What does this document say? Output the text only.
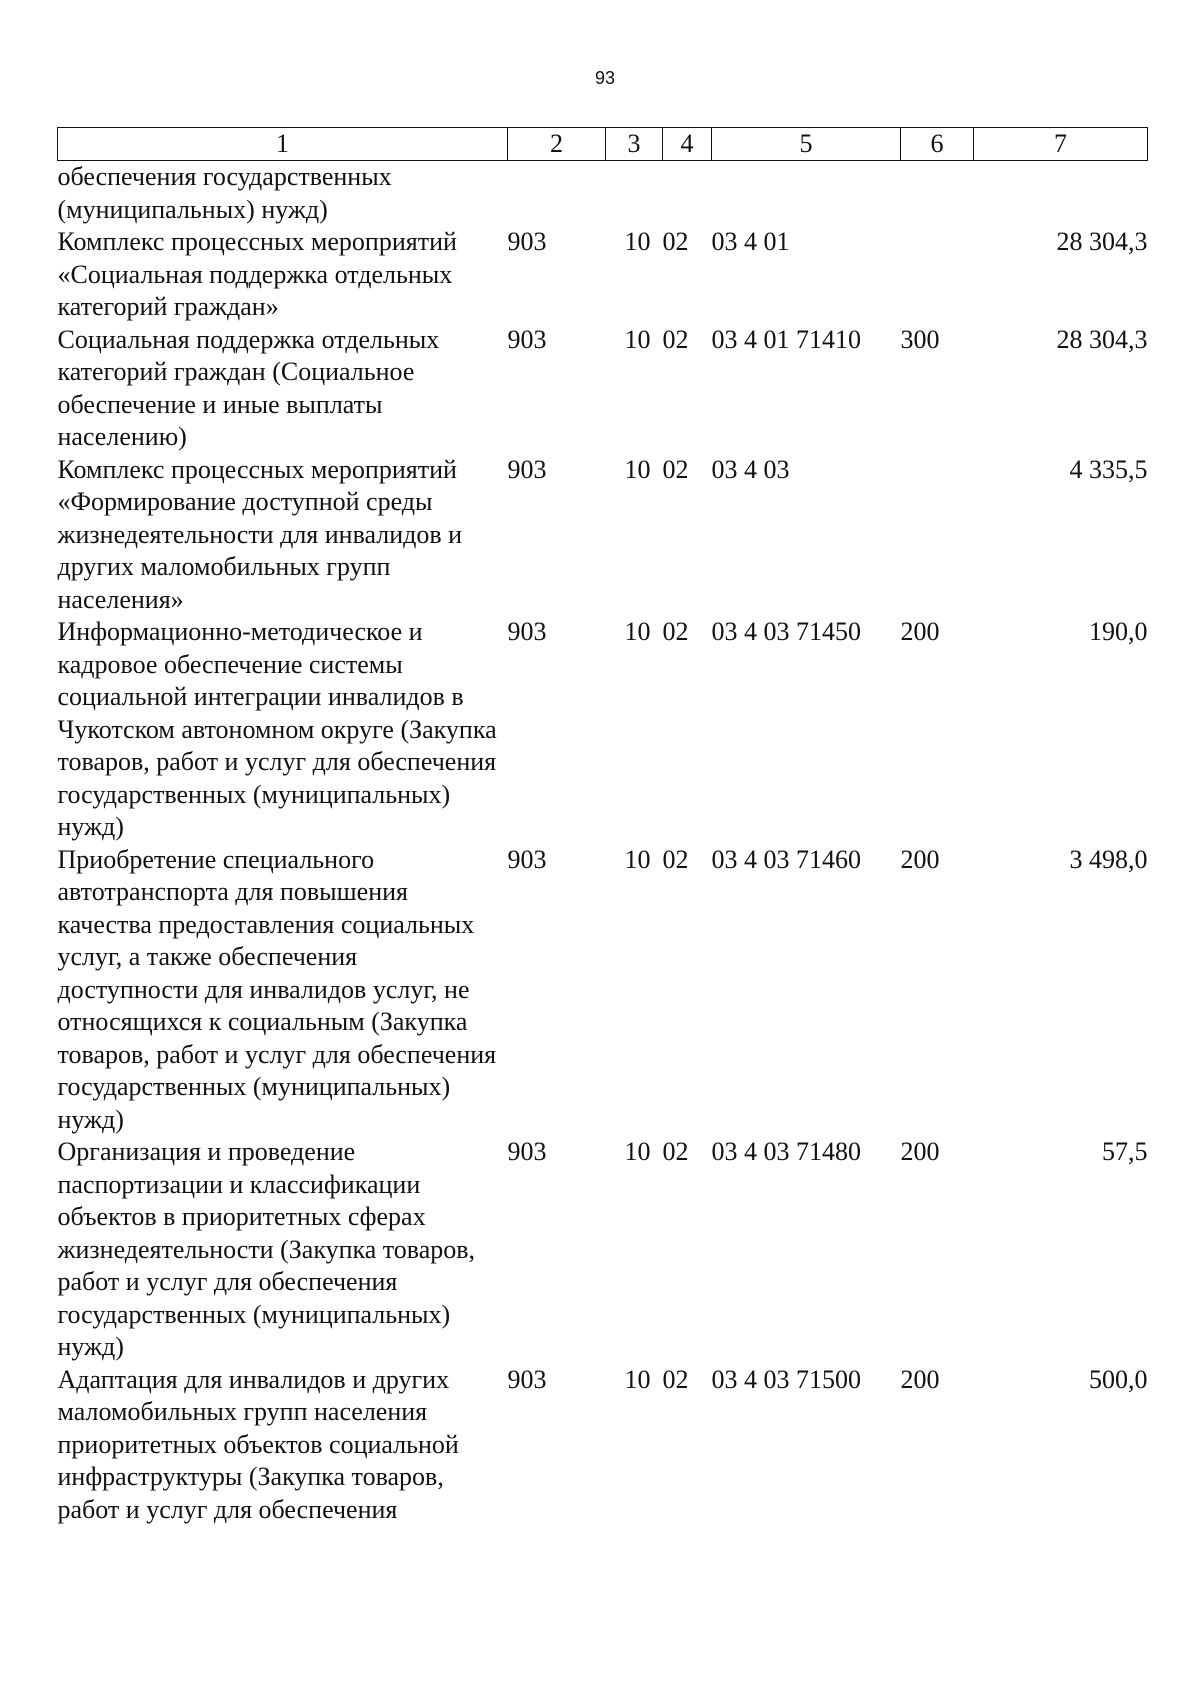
93
1	2	3	4	5	6	7
обеспечения государственных (муниципальных) нужд)						
Комплекс процессных мероприятий «Социальная поддержка отдельных категорий граждан»	903	10	02	03 4 01		28 304,3
Социальная поддержка отдельных категорий граждан (Социальное обеспечение и иные выплаты населению)	903	10	02	03 4 01 71410	300	28 304,3
Комплекс процессных мероприятий «Формирование доступной среды жизнедеятельности для инвалидов и других маломобильных групп населения»	903	10	02	03 4 03		4 335,5
Информационно-методическое и кадровое обеспечение системы социальной интеграции инвалидов в Чукотском автономном округе (Закупка товаров, работ и услуг для обеспечения государственных (муниципальных) нужд)	903	10	02	03 4 03 71450	200	190,0
Приобретение специального автотранспорта для повышения качества предоставления социальных услуг, а также обеспечения доступности для инвалидов услуг, не относящихся к социальным (Закупка товаров, работ и услуг для обеспечения государственных (муниципальных) нужд)	903	10	02	03 4 03 71460	200	3 498,0
Организация и проведение паспортизации и классификации объектов в приоритетных сферах жизнедеятельности (Закупка товаров, работ и услуг для обеспечения государственных (муниципальных) нужд)	903	10	02	03 4 03 71480	200	57,5
Адаптация для инвалидов и других маломобильных групп населения приоритетных объектов социальной инфраструктуры (Закупка товаров, работ и услуг для обеспечения	903	10	02	03 4 03 71500	200	500,0
